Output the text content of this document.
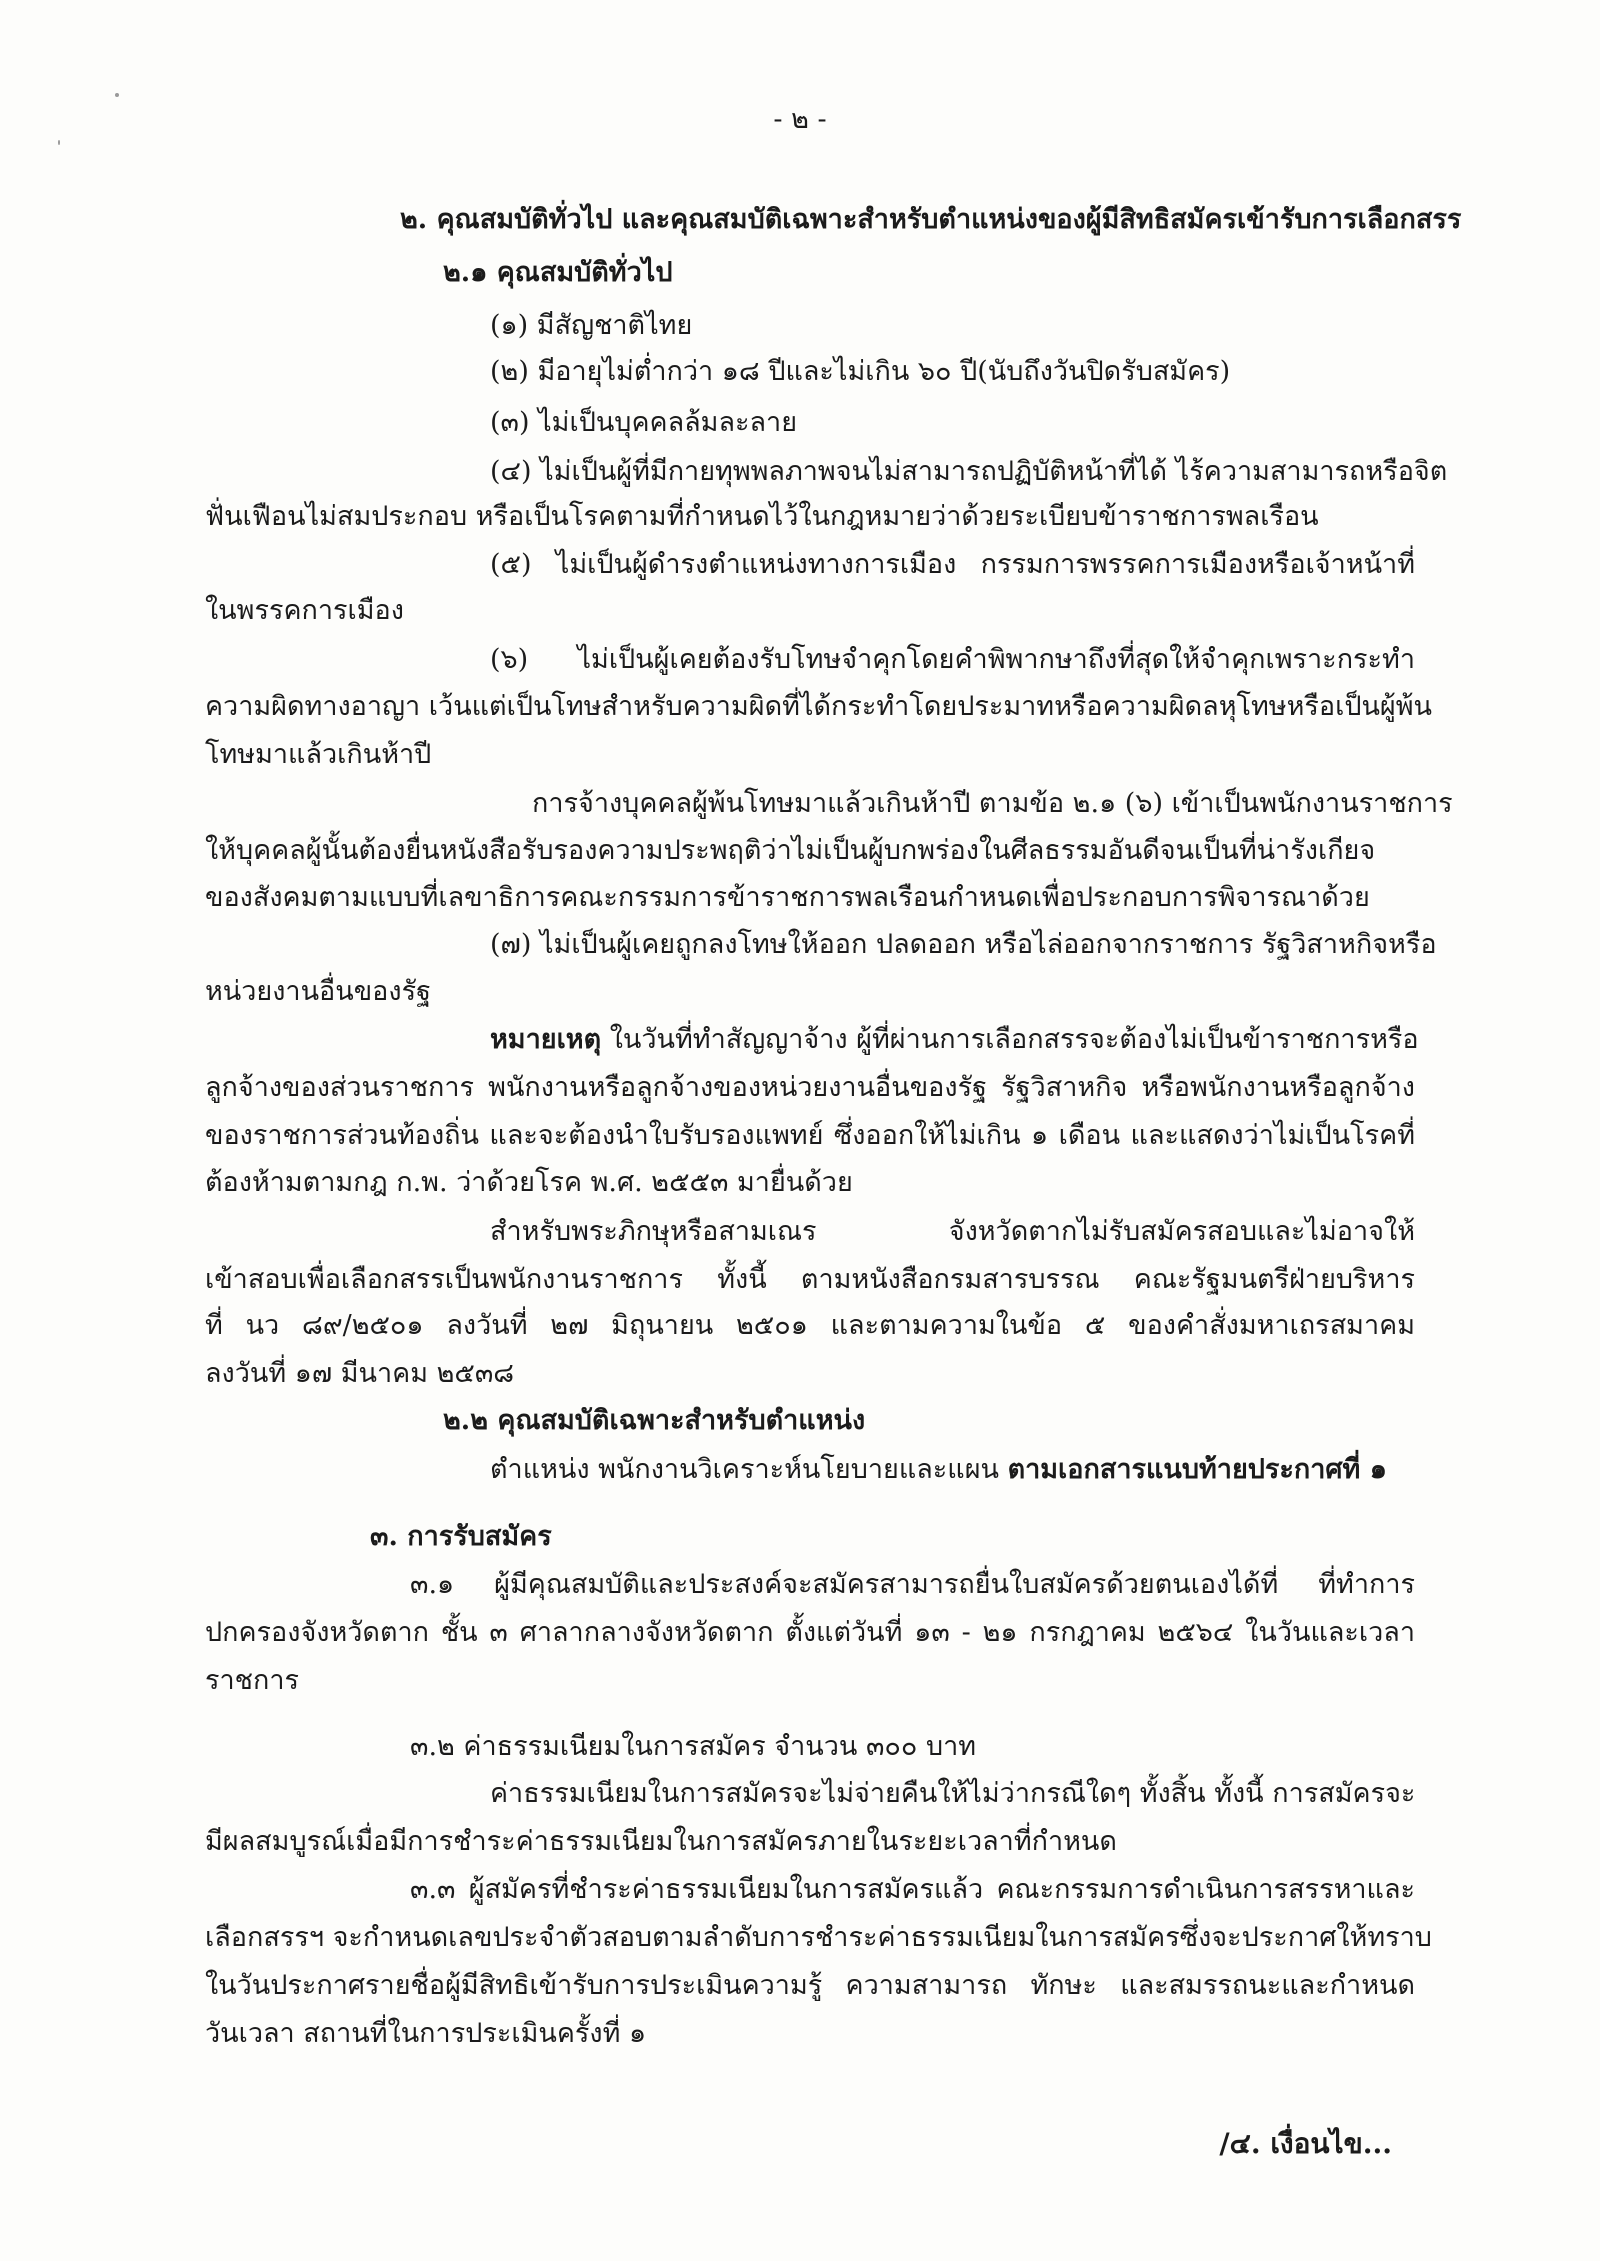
- ๒ -
๒. คุณสมบัติทั่วไป และคุณสมบัติเฉพาะสำหรับตำแหน่งของผู้มีสิทธิสมัครเข้ารับการเลือกสรร
๒.๑ คุณสมบัติทั่วไป
(๑) มีสัญชาติไทย
(๒) มีอายุไม่ต่ำกว่า ๑๘ ปีและไม่เกิน ๖๐ ปี(นับถึงวันปิดรับสมัคร)
(๓) ไม่เป็นบุคคลล้มละลาย
(๔) ไม่เป็นผู้ที่มีกายทุพพลภาพจนไม่สามารถปฏิบัติหน้าที่ได้ ไร้ความสามารถหรือจิต
ฟั่นเฟือนไม่สมประกอบ หรือเป็นโรคตามที่กำหนดไว้ในกฎหมายว่าด้วยระเบียบข้าราชการพลเรือน
(๕) ไม่เป็นผู้ดำรงตำแหน่งทางการเมือง กรรมการพรรคการเมืองหรือเจ้าหน้าที่
ในพรรคการเมือง
(๖) ไม่เป็นผู้เคยต้องรับโทษจำคุกโดยคำพิพากษาถึงที่สุดให้จำคุกเพราะกระทำ
ความผิดทางอาญา เว้นแต่เป็นโทษสำหรับความผิดที่ได้กระทำโดยประมาทหรือความผิดลหุโทษหรือเป็นผู้พ้น
โทษมาแล้วเกินห้าปี
การจ้างบุคคลผู้พ้นโทษมาแล้วเกินห้าปี ตามข้อ ๒.๑ (๖) เข้าเป็นพนักงานราชการ
ให้บุคคลผู้นั้นต้องยื่นหนังสือรับรองความประพฤติว่าไม่เป็นผู้บกพร่องในศีลธรรมอันดีจนเป็นที่น่ารังเกียจ
ของสังคมตามแบบที่เลขาธิการคณะกรรมการข้าราชการพลเรือนกำหนดเพื่อประกอบการพิจารณาด้วย
(๗) ไม่เป็นผู้เคยถูกลงโทษให้ออก ปลดออก หรือไล่ออกจากราชการ รัฐวิสาหกิจหรือ
หน่วยงานอื่นของรัฐ
หมายเหตุ ในวันที่ทำสัญญาจ้าง ผู้ที่ผ่านการเลือกสรรจะต้องไม่เป็นข้าราชการหรือ
ลูกจ้างของส่วนราชการ พนักงานหรือลูกจ้างของหน่วยงานอื่นของรัฐ รัฐวิสาหกิจ หรือพนักงานหรือลูกจ้าง
ของราชการส่วนท้องถิ่น และจะต้องนำใบรับรองแพทย์ ซึ่งออกให้ไม่เกิน ๑ เดือน และแสดงว่าไม่เป็นโรคที่
ต้องห้ามตามกฎ ก.พ. ว่าด้วยโรค พ.ศ. ๒๕๕๓ มายื่นด้วย
สำหรับพระภิกษุหรือสามเณร จังหวัดตากไม่รับสมัครสอบและไม่อาจให้
เข้าสอบเพื่อเลือกสรรเป็นพนักงานราชการ ทั้งนี้ ตามหนังสือกรมสารบรรณ คณะรัฐมนตรีฝ่ายบริหาร
ที่ นว ๘๙/๒๕๐๑ ลงวันที่ ๒๗ มิถุนายน ๒๕๐๑ และตามความในข้อ ๕ ของคำสั่งมหาเถรสมาคม
ลงวันที่ ๑๗ มีนาคม ๒๕๓๘
๒.๒ คุณสมบัติเฉพาะสำหรับตำแหน่ง
ตำแหน่ง พนักงานวิเคราะห์นโยบายและแผน ตามเอกสารแนบท้ายประกาศที่ ๑
๓. การรับสมัคร
๓.๑ ผู้มีคุณสมบัติและประสงค์จะสมัครสามารถยื่นใบสมัครด้วยตนเองได้ที่ ที่ทำการ
ปกครองจังหวัดตาก ชั้น ๓ ศาลากลางจังหวัดตาก ตั้งแต่วันที่ ๑๓ - ๒๑ กรกฎาคม ๒๕๖๔ ในวันและเวลา
ราชการ
๓.๒ ค่าธรรมเนียมในการสมัคร จำนวน ๓๐๐ บาท
ค่าธรรมเนียมในการสมัครจะไม่จ่ายคืนให้ไม่ว่ากรณีใดๆ ทั้งสิ้น ทั้งนี้ การสมัครจะ
มีผลสมบูรณ์เมื่อมีการชำระค่าธรรมเนียมในการสมัครภายในระยะเวลาที่กำหนด
๓.๓ ผู้สมัครที่ชำระค่าธรรมเนียมในการสมัครแล้ว คณะกรรมการดำเนินการสรรหาและ
เลือกสรรฯ จะกำหนดเลขประจำตัวสอบตามลำดับการชำระค่าธรรมเนียมในการสมัครซึ่งจะประกาศให้ทราบ
ในวันประกาศรายชื่อผู้มีสิทธิเข้ารับการประเมินความรู้ ความสามารถ ทักษะ และสมรรถนะและกำหนด
วันเวลา สถานที่ในการประเมินครั้งที่ ๑
/๔. เงื่อนไข...
